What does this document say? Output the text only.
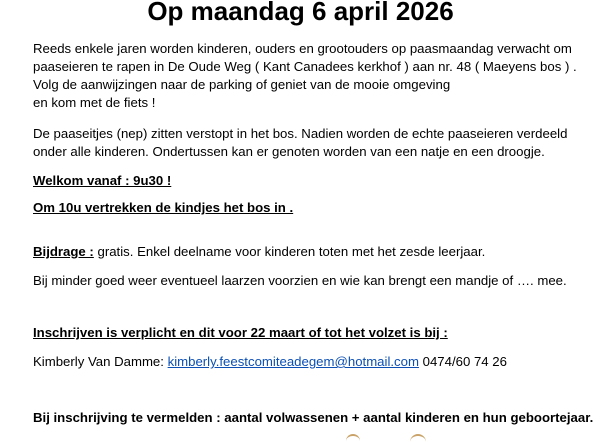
Op maandag 6 april 2026
Reeds enkele jaren worden kinderen, ouders en grootouders op paasmaandag verwacht om
paaseieren te rapen in De Oude Weg ( Kant Canadees kerkhof ) aan nr. 48 ( Maeyens bos ) .
Volg de aanwijzingen naar de parking of geniet van de mooie omgeving
en kom met de fiets !
De paaseitjes (nep) zitten verstopt in het bos. Nadien worden de echte paaseieren verdeeld
onder alle kinderen. Ondertussen kan er genoten worden van een natje en een droogje.
Welkom vanaf : 9u30 !
Om 10u vertrekken de kindjes het bos in .
Bijdrage : gratis. Enkel deelname voor kinderen toten met het zesde leerjaar.
Bij minder goed weer eventueel laarzen voorzien en wie kan brengt een mandje of …. mee.
Inschrijven is verplicht en dit voor 22 maart of tot het volzet is bij :
Kimberly Van Damme: kimberly.feestcomiteadegem@hotmail.com 0474/60 74 26
Bij inschrijving te vermelden : aantal volwassenen + aantal kinderen en hun geboortejaar.
